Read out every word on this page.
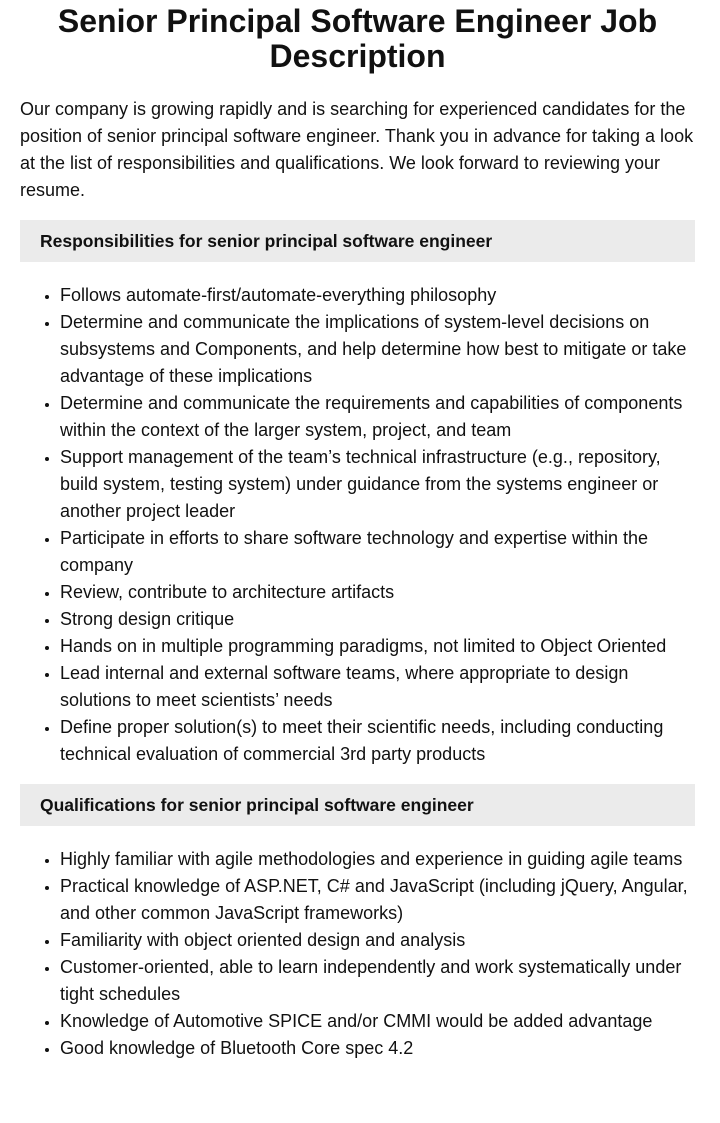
Senior Principal Software Engineer Job Description

Our company is growing rapidly and is searching for experienced candidates for the position of senior principal software engineer. Thank you in advance for taking a look at the list of responsibilities and qualifications. We look forward to reviewing your resume.

Responsibilities for senior principal software engineer
• Follows automate-first/automate-everything philosophy
• Determine and communicate the implications of system-level decisions on subsystems and Components, and help determine how best to mitigate or take advantage of these implications
• Determine and communicate the requirements and capabilities of components within the context of the larger system, project, and team
• Support management of the team’s technical infrastructure (e.g., repository, build system, testing system) under guidance from the systems engineer or another project leader
• Participate in efforts to share software technology and expertise within the company
• Review, contribute to architecture artifacts
• Strong design critique
• Hands on in multiple programming paradigms, not limited to Object Oriented
• Lead internal and external software teams, where appropriate to design solutions to meet scientists’ needs
• Define proper solution(s) to meet their scientific needs, including conducting technical evaluation of commercial 3rd party products
Qualifications for senior principal software engineer
• Highly familiar with agile methodologies and experience in guiding agile teams
• Practical knowledge of ASP.NET, C# and JavaScript (including jQuery, Angular, and other common JavaScript frameworks)
• Familiarity with object oriented design and analysis
• Customer-oriented, able to learn independently and work systematically under tight schedules
• Knowledge of Automotive SPICE and/or CMMI would be added advantage
• Good knowledge of Bluetooth Core spec 4.2
